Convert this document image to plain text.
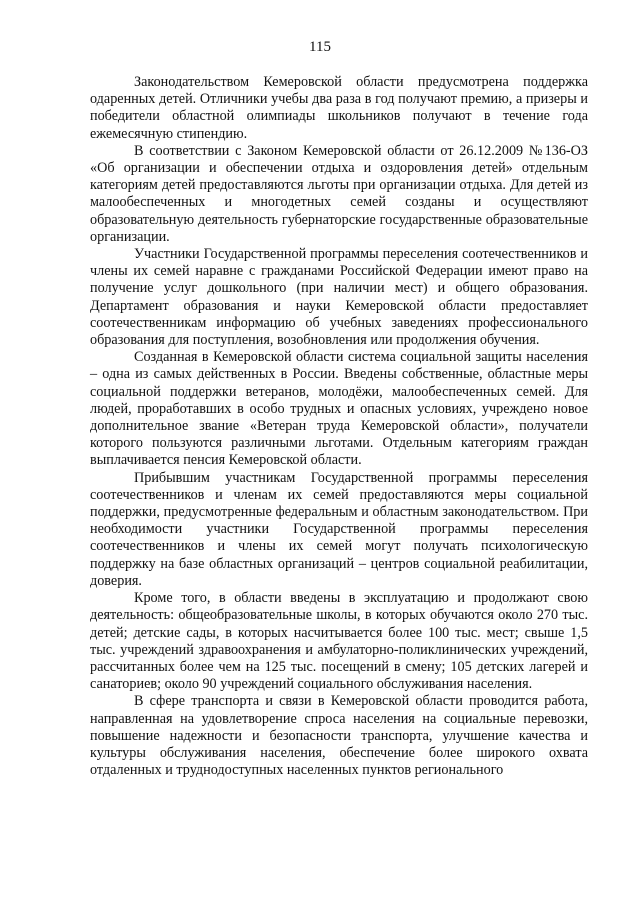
115

Законодательством Кемеровской области предусмотрена поддержка одаренных детей. Отличники учебы два раза в год получают премию, а призеры и победители областной олимпиады школьников получают в течение года ежемесячную стипендию.

В соответствии с Законом Кемеровской области от 26.12.2009 №136-ОЗ «Об организации и обеспечении отдыха и оздоровления детей» отдельным категориям детей предоставляются льготы при организации отдыха. Для детей из малообеспеченных и многодетных семей созданы и осуществляют образовательную деятельность губернаторские государственные образовательные организации.

Участники Государственной программы переселения соотечественников и члены их семей наравне с гражданами Российской Федерации имеют право на получение услуг дошкольного (при наличии мест) и общего образования. Департамент образования и науки Кемеровской области предоставляет соотечественникам информацию об учебных заведениях профессионального образования для поступления, возобновления или продолжения обучения.

Созданная в Кемеровской области система социальной защиты населения – одна из самых действенных в России. Введены собственные, областные меры социальной поддержки ветеранов, молодёжи, малообеспеченных семей. Для людей, проработавших в особо трудных и опасных условиях, учреждено новое дополнительное звание «Ветеран труда Кемеровской области», получатели которого пользуются различными льготами. Отдельным категориям граждан выплачивается пенсия Кемеровской области.

Прибывшим участникам Государственной программы переселения соотечественников и членам их семей предоставляются меры социальной поддержки, предусмотренные федеральным и областным законодательством. При необходимости участники Государственной программы переселения соотечественников и члены их семей могут получать психологическую поддержку на базе областных организаций – центров социальной реабилитации, доверия.

Кроме того, в области введены в эксплуатацию и продолжают свою деятельность: общеобразовательные школы, в которых обучаются около 270 тыс. детей; детские сады, в которых насчитывается более 100 тыс. мест; свыше 1,5 тыс. учреждений здравоохранения и амбулаторно-поликлинических учреждений, рассчитанных более чем на 125 тыс. посещений в смену; 105 детских лагерей и санаториев; около 90 учреждений социального обслуживания населения.

В сфере транспорта и связи в Кемеровской области проводится работа, направленная на удовлетворение спроса населения на социальные перевозки, повышение надежности и безопасности транспорта, улучшение качества и культуры обслуживания населения, обеспечение более широкого охвата отдаленных и труднодоступных населенных пунктов регионального
